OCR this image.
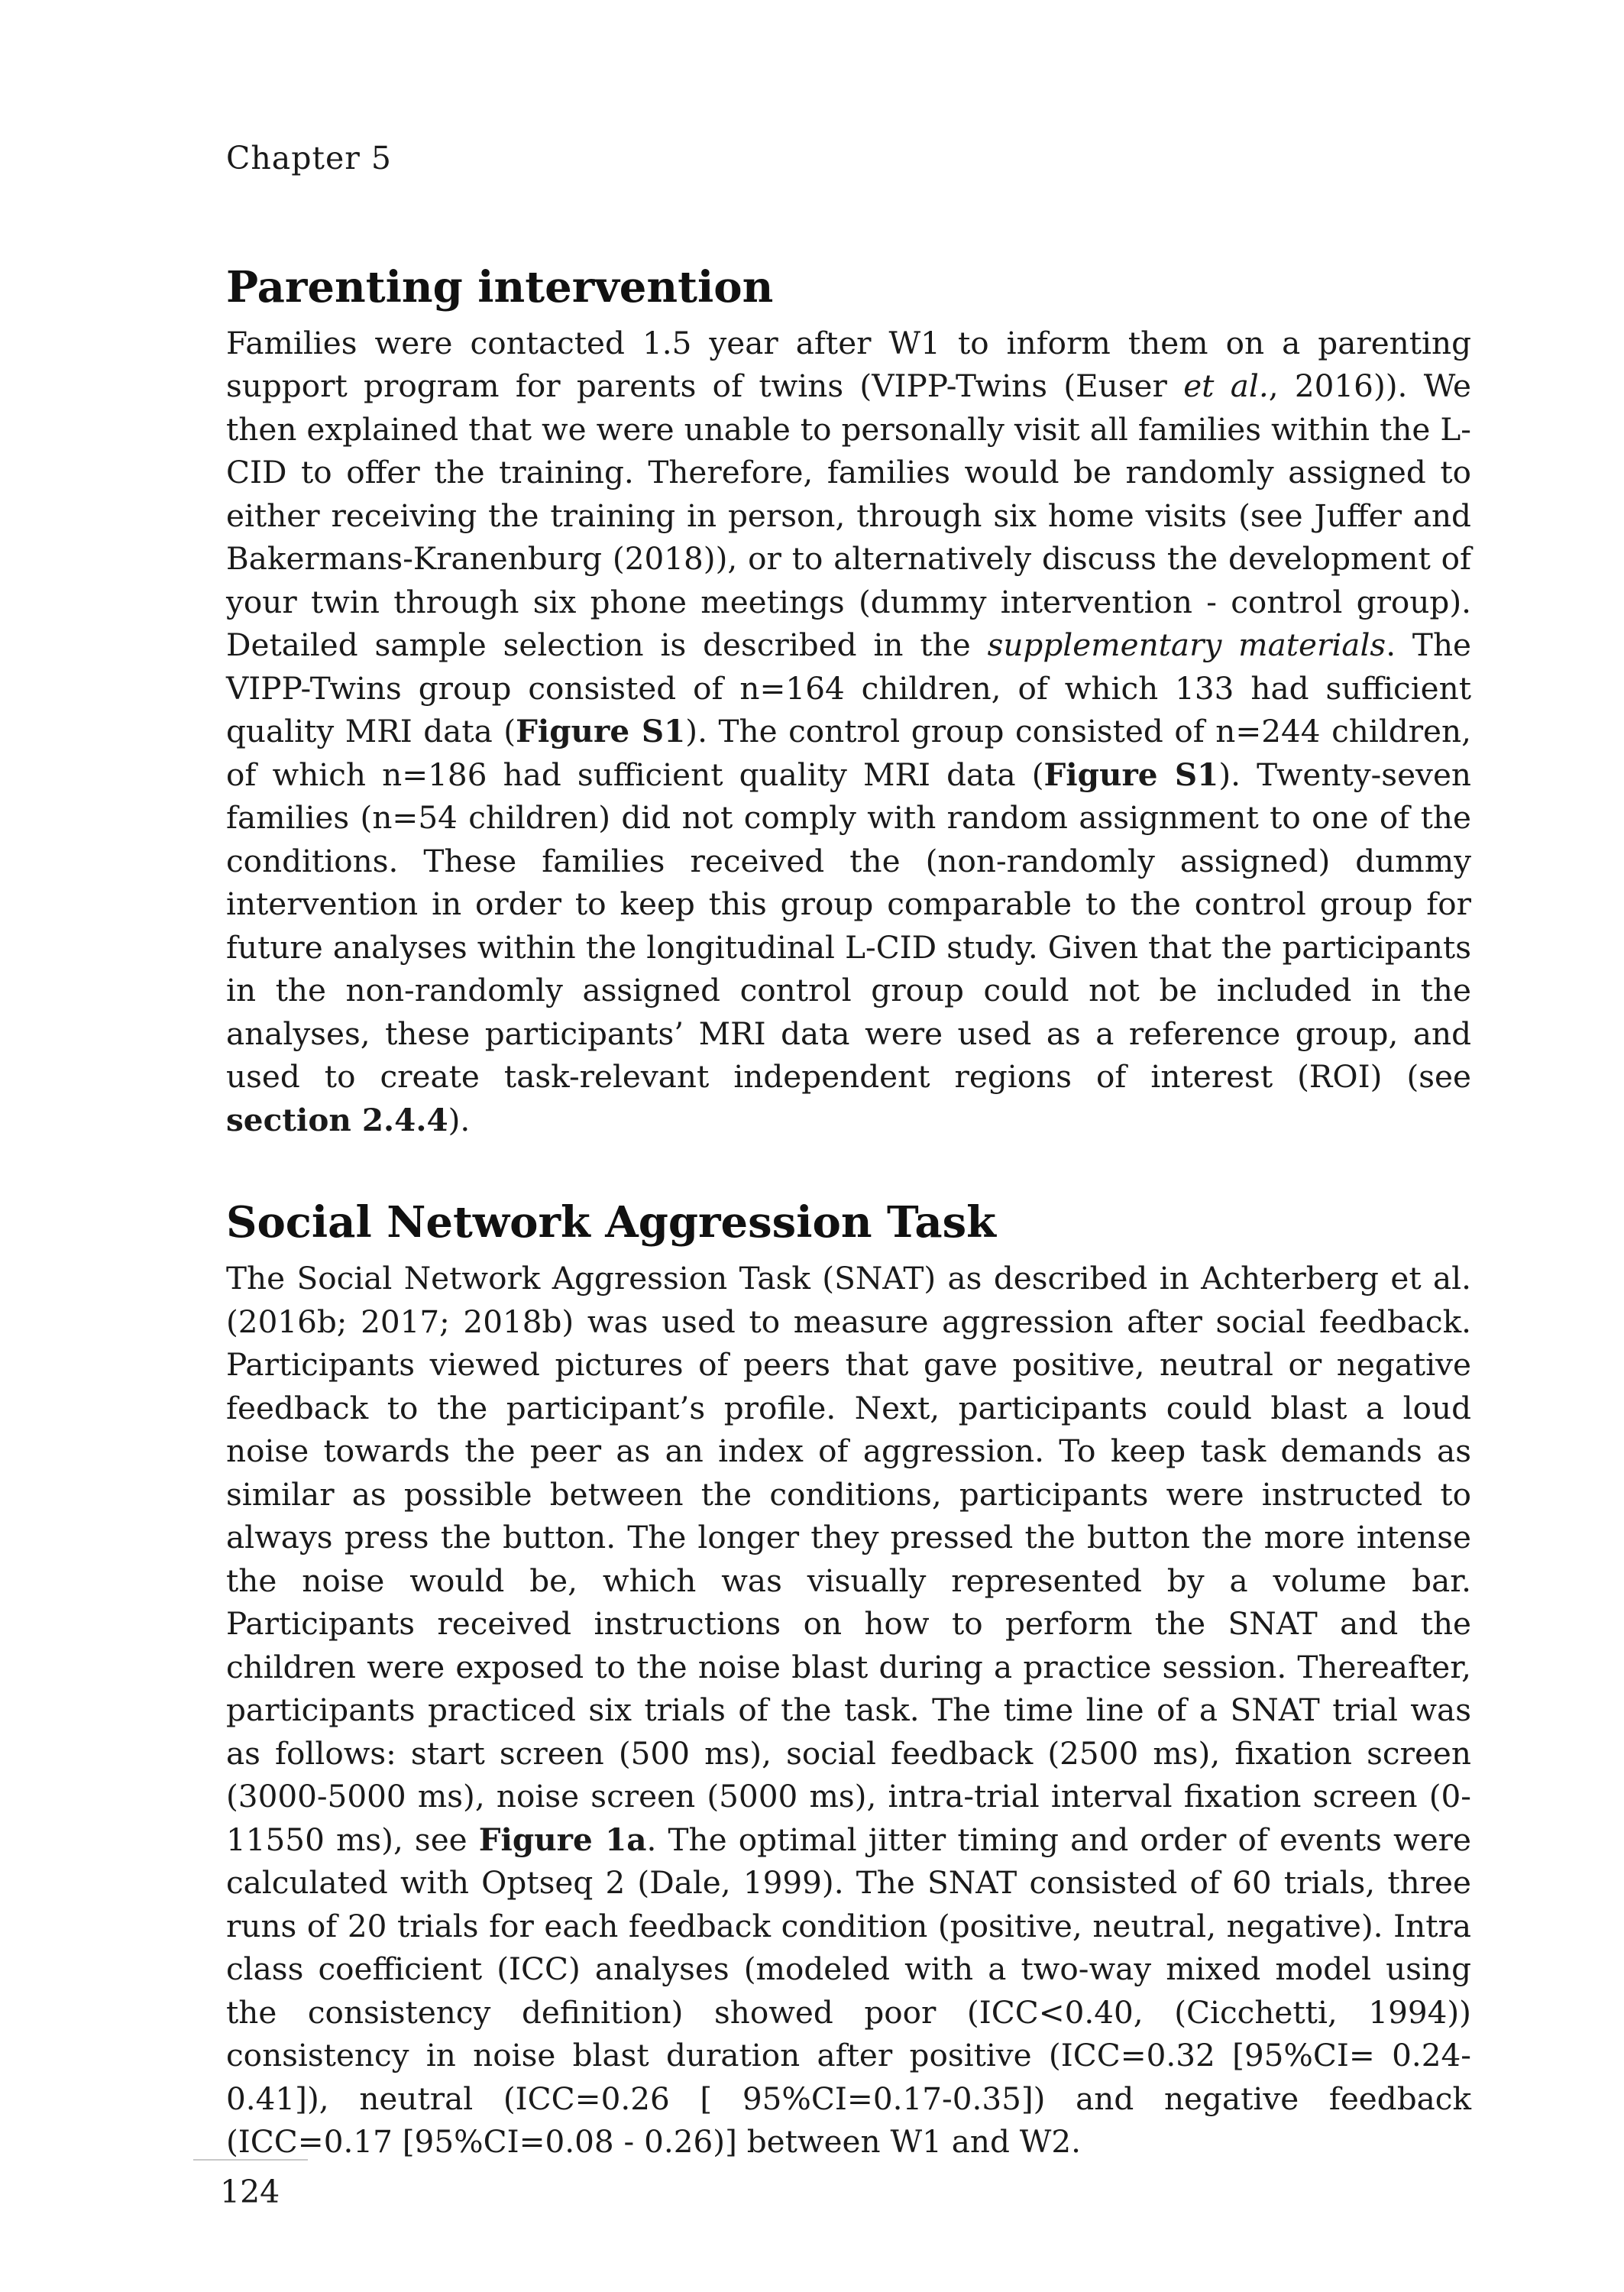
Chapter 5
Parenting intervention

Families were contacted 1.5 year after W1 to inform them on a parenting support program for parents of twins (VIPP-Twins (Euser et al., 2016)). We then explained that we were unable to personally visit all families within the L-CID to offer the training. Therefore, families would be randomly assigned to either receiving the training in person, through six home visits (see Juffer and Bakermans-Kranenburg (2018)), or to alternatively discuss the development of your twin through six phone meetings (dummy intervention - control group). Detailed sample selection is described in the supplementary materials. The VIPP-Twins group consisted of n=164 children, of which 133 had sufficient quality MRI data (Figure S1). The control group consisted of n=244 children, of which n=186 had sufficient quality MRI data (Figure S1). Twenty-seven families (n=54 children) did not comply with random assignment to one of the conditions. These families received the (non-randomly assigned) dummy intervention in order to keep this group comparable to the control group for future analyses within the longitudinal L-CID study. Given that the participants in the non-randomly assigned control group could not be included in the analyses, these participants’ MRI data were used as a reference group, and used to create task-relevant independent regions of interest (ROI) (see section 2.4.4).

Social Network Aggression Task

The Social Network Aggression Task (SNAT) as described in Achterberg et al. (2016b; 2017; 2018b) was used to measure aggression after social feedback. Participants viewed pictures of peers that gave positive, neutral or negative feedback to the participant’s profile. Next, participants could blast a loud noise towards the peer as an index of aggression. To keep task demands as similar as possible between the conditions, participants were instructed to always press the button. The longer they pressed the button the more intense the noise would be, which was visually represented by a volume bar. Participants received instructions on how to perform the SNAT and the children were exposed to the noise blast during a practice session. Thereafter, participants practiced six trials of the task. The time line of a SNAT trial was as follows: start screen (500 ms), social feedback (2500 ms), fixation screen (3000-5000 ms), noise screen (5000 ms), intra-trial interval fixation screen (0-11550 ms), see Figure 1a. The optimal jitter timing and order of events were calculated with Optseq 2 (Dale, 1999). The SNAT consisted of 60 trials, three runs of 20 trials for each feedback condition (positive, neutral, negative). Intra class coefficient (ICC) analyses (modeled with a two-way mixed model using the consistency definition) showed poor (ICC<0.40, (Cicchetti, 1994)) consistency in noise blast duration after positive (ICC=0.32 [95%CI= 0.24-0.41]), neutral (ICC=0.26 [ 95%CI=0.17-0.35]) and negative feedback (ICC=0.17 [95%CI=0.08 - 0.26)] between W1 and W2.

124
